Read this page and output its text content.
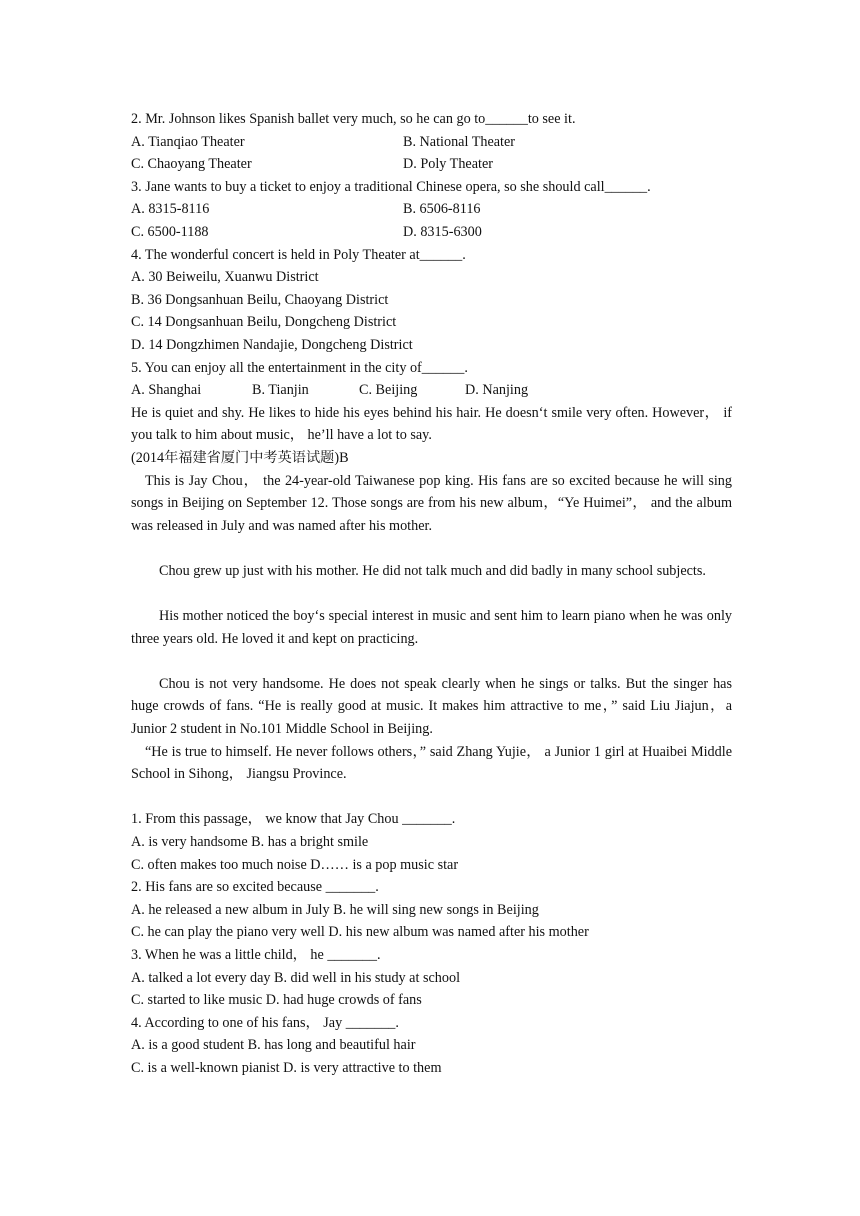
2. Mr. Johnson likes Spanish ballet very much, so he can go to______to see it.
A. Tianqiao Theater	B. National Theater
C. Chaoyang Theater	D. Poly Theater
3. Jane wants to buy a ticket to enjoy a traditional Chinese opera, so she should call______.
A. 8315-8116	B. 6506-8116
C. 6500-1188	D. 8315-6300
4. The wonderful concert is held in Poly Theater at______.
A. 30 Beiweilu, Xuanwu District
B. 36 Dongsanhuan Beilu, Chaoyang District
C. 14 Dongsanhuan Beilu, Dongcheng District
D. 14 Dongzhimen Nandajie, Dongcheng District
5. You can enjoy all the entertainment in the city of______.
A. Shanghai	B. Tianjin	C. Beijing	D. Nanjing

He is quiet and shy. He likes to hide his eyes behind his hair. He doesn‘t smile very often. However， if you talk to him about music， he’ll have a lot to say.

(2014年福建省厦门中考英语试题)B

This is Jay Chou， the 24-year-old Taiwanese pop king. His fans are so excited because he will sing songs in Beijing on September 12. Those songs are from his new album，“Ye Huimei”， and the album was released in July and was named after his mother.

Chou grew up just with his mother. He did not talk much and did badly in many school subjects.

His mother noticed the boy‘s special interest in music and sent him to learn piano when he was only three years old. He loved it and kept on practicing.

Chou is not very handsome. He does not speak clearly when he sings or talks. But the singer has huge crowds of fans. “He is really good at music. It makes him attractive to me，” said Liu Jiajun，a Junior 2 student in No.101 Middle School in Beijing.

“He is true to himself. He never follows others，” said Zhang Yujie， a Junior 1 girl at Huaibei Middle School in Sihong， Jiangsu Province.

1. From this passage， we know that Jay Chou _______.
A. is very handsome B. has a bright smile
C. often makes too much noise D…… is a pop music star
2. His fans are so excited because _______.
A. he released a new album in July B. he will sing new songs in Beijing
C. he can play the piano very well D. his new album was named after his mother
3. When he was a little child， he _______.
A. talked a lot every day B. did well in his study at school
C. started to like music D. had huge crowds of fans
4. According to one of his fans， Jay _______.
A. is a good student B. has long and beautiful hair
C. is a well-known pianist D. is very attractive to them
